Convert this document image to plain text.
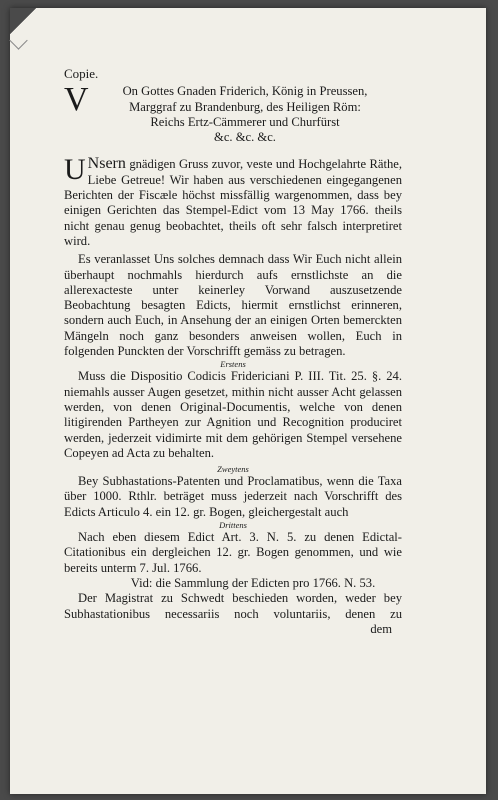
Copie.

V	On Gottes Gnaden Friderich, König in Preussen,
Marggraf zu Brandenburg, des Heiligen Röm:
Reichs Ertz-Cämmerer und Churfürst
&c. &c. &c.

U Nsern gnädigen Gruss zuvor, veste und Hochgelahrte Räthe, Liebe Getreue! Wir haben aus verschiedenen eingegangenen Berichten der Fiscæle höchst missfällig wargenommen, dass bey einigen Gerichten das Stempel-Edict vom 13 May 1766. theils nicht genau genug beobachtet, theils oft sehr falsch interpretiret wird.

Es veranlasset Uns solches demnach dass Wir Euch nicht allein überhaupt nochmahls hierdurch aufs ernstlichste an die allerexacteste unter keinerley Vorwand auszusetzende Beobachtung besagten Edicts, hiermit ernstlichst erinneren, sondern auch Euch, in Ansehung der an einigen Orten bemerckten Mängeln noch ganz besonders anweisen wollen, Euch in folgenden Punckten der Vorschrifft gemäss zu betragen.

Erstens

Muss die Dispositio Codicis Fridericiani P. III. Tit. 25. §. 24. niemahls ausser Augen gesetzet, mithin nicht ausser Acht gelassen werden, von denen Original-Documentis, welche von denen litigirenden Partheyen zur Agnition und Recognition produciret werden, jederzeit vidimirte mit dem gehörigen Stempel versehene Copeyen ad Acta zu behalten.

Zweytens

Bey Subhastations-Patenten und Proclamatibus, wenn die Taxa über 1000. Rthlr. beträget muss jederzeit nach Vorschrifft des Edicts Articulo 4. ein 12. gr. Bogen, gleichergestalt auch

Drittens

Nach eben diesem Edict Art. 3. N. 5. zu denen Edictal-Citationibus ein dergleichen 12. gr. Bogen genommen, und wie bereits unterm 7. Jul. 1766.

Vid: die Sammlung der Edicten pro 1766. N. 53.

Der Magistrat zu Schwedt beschieden worden, weder bey Subhastationibus necessariis noch voluntariis, denen zu

dem
